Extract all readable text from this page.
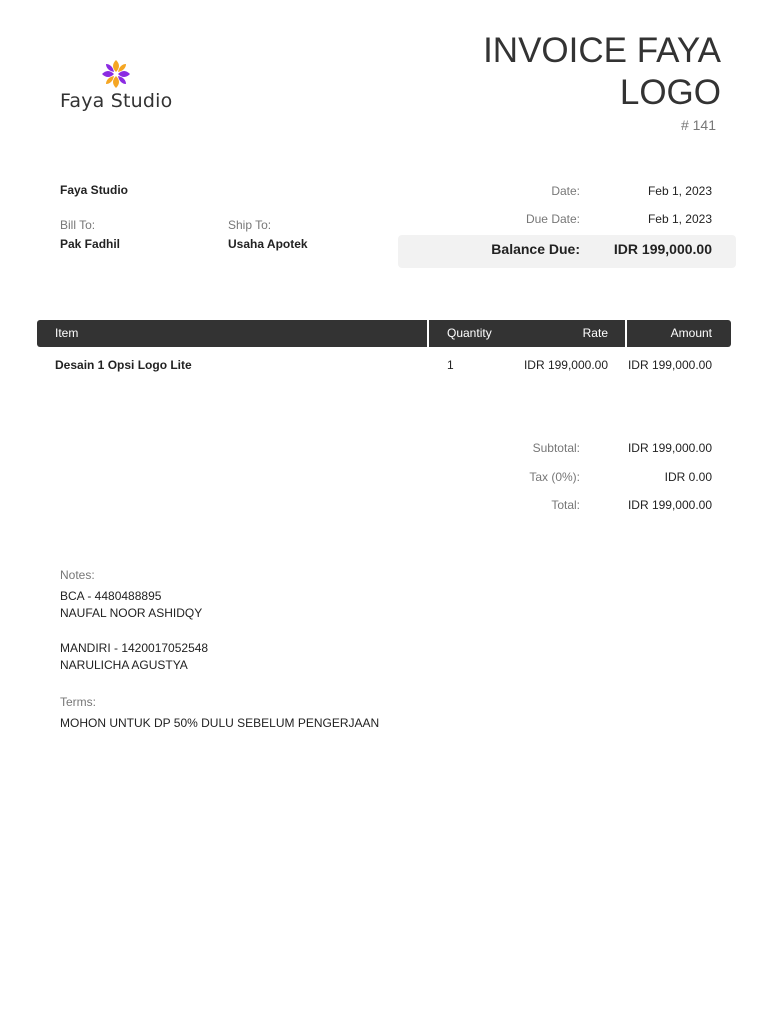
Faya Studio
INVOICE FAYA LOGO
# 141
Faya Studio
Bill To:
Pak Fadhil
Ship To:
Usaha Apotek
Date:	Feb 1, 2023
Due Date:	Feb 1, 2023
Balance Due: IDR 199,000.00
Item	Quantity	Rate	Amount
Desain 1 Opsi Logo Lite	1	IDR 199,000.00 IDR 199,000.00
Subtotal:	IDR 199,000.00
Tax (0%):	IDR 0.00
Total:	IDR 199,000.00
Notes:
BCA - 4480488895
NAUFAL NOOR ASHIDQY
MANDIRI - 1420017052548
NARULICHA AGUSTYA
Terms:
MOHON UNTUK DP 50% DULU SEBELUM PENGERJAAN
